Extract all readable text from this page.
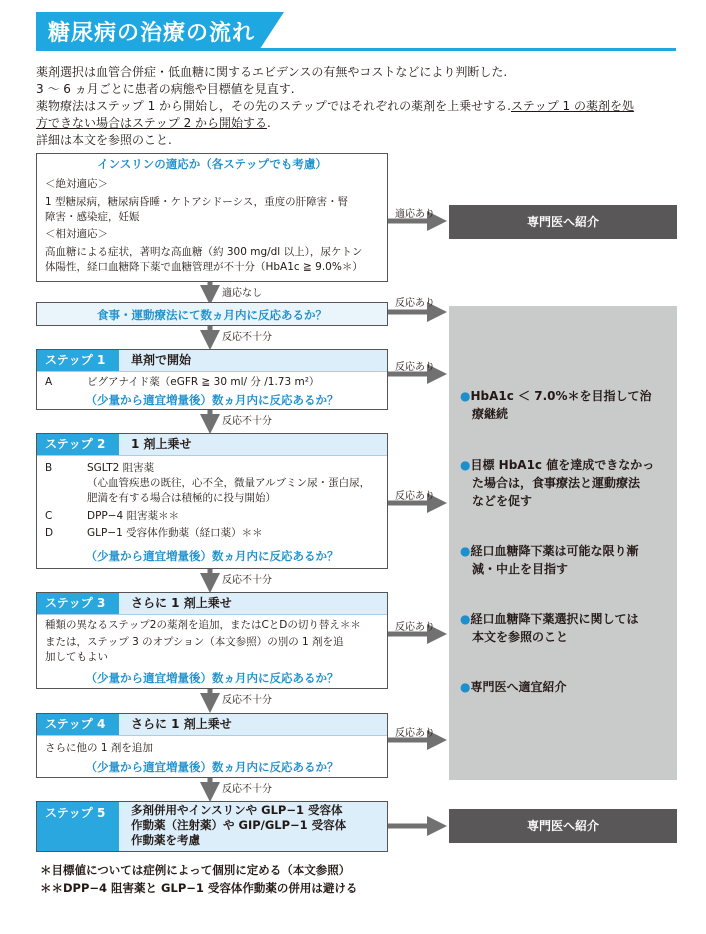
糖尿病の治療の流れ
薬剤選択は血管合併症・低血糖に関するエビデンスの有無やコストなどにより判断した.
3 ～ 6 ヵ月ごとに患者の病態や目標値を見直す.
薬物療法はステップ 1 から開始し，その先のステップではそれぞれの薬剤を上乗せする.ステップ 1 の薬剤を処
方できない場合はステップ 2 から開始する.
詳細は本文を参照のこと.
適応あり
適応なし
反応あり
反応不十分
反応あり
反応不十分
反応あり
反応不十分
反応あり
反応不十分
反応あり
反応不十分
インスリンの適応か（各ステップでも考慮）
＜絶対適応＞
1 型糖尿病，糖尿病昏睡・ケトアシドーシス，重度の肝障害・腎
障害・感染症，妊娠
＜相対適応＞
高血糖による症状，著明な高血糖（約 300 mg/dl 以上），尿ケトン
体陽性，経口血糖降下薬で血糖管理が不十分（HbA1c ≧ 9.0%＊）
食事・運動療法にて数ヵ月内に反応あるか？
ステップ 1	単剤で開始
A	ビグアナイド薬（eGFR ≧ 30 ml/ 分 /1.73 m²）
（少量から適宜増量後）数ヵ月内に反応あるか？
ステップ 2	1 剤上乗せ
B	SGLT2 阻害薬
（心血管疾患の既往，心不全，微量アルブミン尿・蛋白尿，
肥満を有する場合は積極的に投与開始）
C	DPP−4 阻害薬＊＊
D	GLP−1 受容体作動薬（経口薬）＊＊
（少量から適宜増量後）数ヵ月内に反応あるか？
ステップ 3	さらに 1 剤上乗せ
種類の異なるステップ2の薬剤を追加，またはCとDの切り替え＊＊
または，ステップ 3 のオプション（本文参照）の別の 1 剤を追
加してもよい
（少量から適宜増量後）数ヵ月内に反応あるか？
ステップ 4	さらに 1 剤上乗せ
さらに他の 1 剤を追加
（少量から適宜増量後）数ヵ月内に反応あるか？
ステップ 5	多剤併用やインスリンや GLP−1 受容体
作動薬（注射薬）や GIP/GLP−1 受容体
作動薬を考慮
専門医へ紹介
●HbA1c ＜ 7.0%＊を目指して治
療継続
●目標 HbA1c 値を達成できなかっ
た場合は，食事療法と運動療法
などを促す
●経口血糖降下薬は可能な限り漸
減・中止を目指す
●経口血糖降下薬選択に関しては
本文を参照のこと
●専門医へ適宜紹介
専門医へ紹介
＊目標値については症例によって個別に定める（本文参照）
＊＊DPP−4 阻害薬と GLP−1 受容体作動薬の併用は避ける
